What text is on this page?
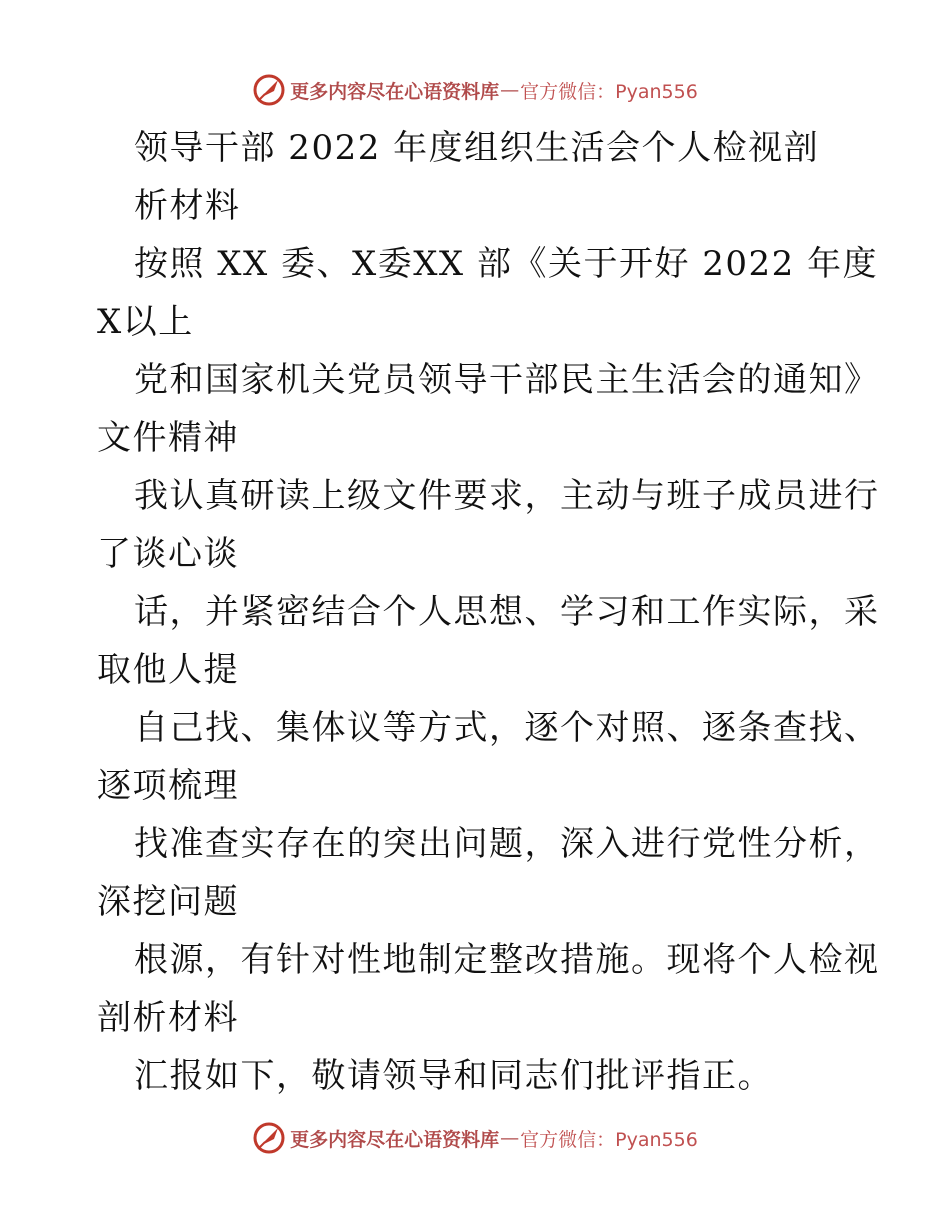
更多内容尽在心语资料库 — 官方微信：Pyan556
领导干部 2022 年度组织生活会个人检视剖
析材料
按照 XX 委、X委XX 部《关于开好 2022 年度
X以上
党和国家机关党员领导干部民主生活会的通知》
文件精神
我认真研读上级文件要求，主动与班子成员进行
了谈心谈
话，并紧密结合个人思想、学习和工作实际，采
取他人提
自己找、集体议等方式，逐个对照、逐条查找、
逐项梳理
找准查实存在的突出问题，深入进行党性分析，
深挖问题
根源，有针对性地制定整改措施。现将个人检视
剖析材料
汇报如下，敬请领导和同志们批评指正。
更多内容尽在心语资料库 — 官方微信：Pyan556
